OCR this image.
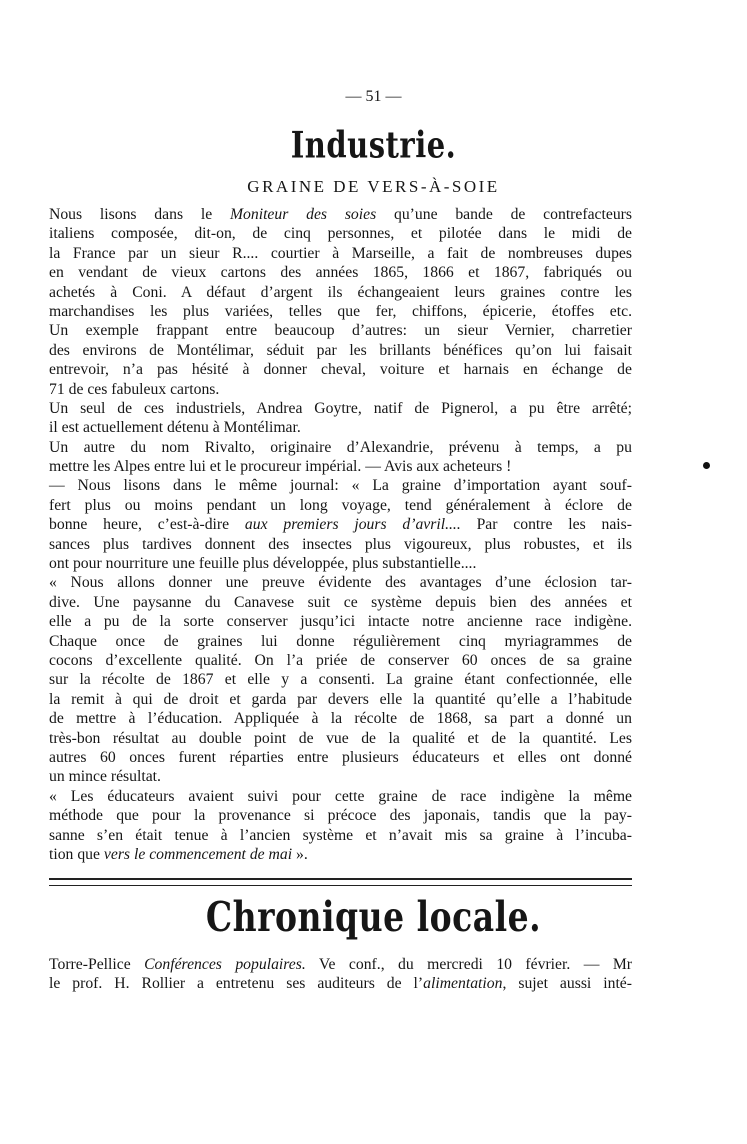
— 51 —
Industrie.
GRAINE DE VERS-À-SOIE
Nous lisons dans le Moniteur des soies qu’une bande de contrefacteurs
italiens composée, dit-on, de cinq personnes, et pilotée dans le midi de
la France par un sieur R.... courtier à Marseille, a fait de nombreuses dupes
en vendant de vieux cartons des années 1865, 1866 et 1867, fabriqués ou
achetés à Coni. A défaut d’argent ils échangeaient leurs graines contre les
marchandises les plus variées, telles que fer, chiffons, épicerie, étoffes etc.
Un exemple frappant entre beaucoup d’autres: un sieur Vernier, charretier
des environs de Montélimar, séduit par les brillants bénéfices qu’on lui faisait
entrevoir, n’a pas hésité à donner cheval, voiture et harnais en échange de
71 de ces fabuleux cartons.
Un seul de ces industriels, Andrea Goytre, natif de Pignerol, a pu être arrêté;
il est actuellement détenu à Montélimar.
Un autre du nom Rivalto, originaire d’Alexandrie, prévenu à temps, a pu
mettre les Alpes entre lui et le procureur impérial. — Avis aux acheteurs !
— Nous lisons dans le même journal: « La graine d’importation ayant souf-
fert plus ou moins pendant un long voyage, tend généralement à éclore de
bonne heure, c’est-à-dire aux premiers jours d’avril.... Par contre les nais-
sances plus tardives donnent des insectes plus vigoureux, plus robustes, et ils
ont pour nourriture une feuille plus développée, plus substantielle....
« Nous allons donner une preuve évidente des avantages d’une éclosion tar-
dive. Une paysanne du Canavese suit ce système depuis bien des années et
elle a pu de la sorte conserver jusqu’ici intacte notre ancienne race indigène.
Chaque once de graines lui donne régulièrement cinq myriagrammes de
cocons d’excellente qualité. On l’a priée de conserver 60 onces de sa graine
sur la récolte de 1867 et elle y a consenti. La graine étant confectionnée, elle
la remit à qui de droit et garda par devers elle la quantité qu’elle a l’habitude
de mettre à l’éducation. Appliquée à la récolte de 1868, sa part a donné un
très-bon résultat au double point de vue de la qualité et de la quantité. Les
autres 60 onces furent réparties entre plusieurs éducateurs et elles ont donné
un mince résultat.
« Les éducateurs avaient suivi pour cette graine de race indigène la même
méthode que pour la provenance si précoce des japonais, tandis que la pay-
sanne s’en était tenue à l’ancien système et n’avait mis sa graine à l’incuba-
tion que vers le commencement de mai ».
Chronique locale.
Torre-Pellice Conférences populaires. Ve conf., du mercredi 10 février. — Mr
le prof. H. Rollier a entretenu ses auditeurs de l’alimentation, sujet aussi inté-
